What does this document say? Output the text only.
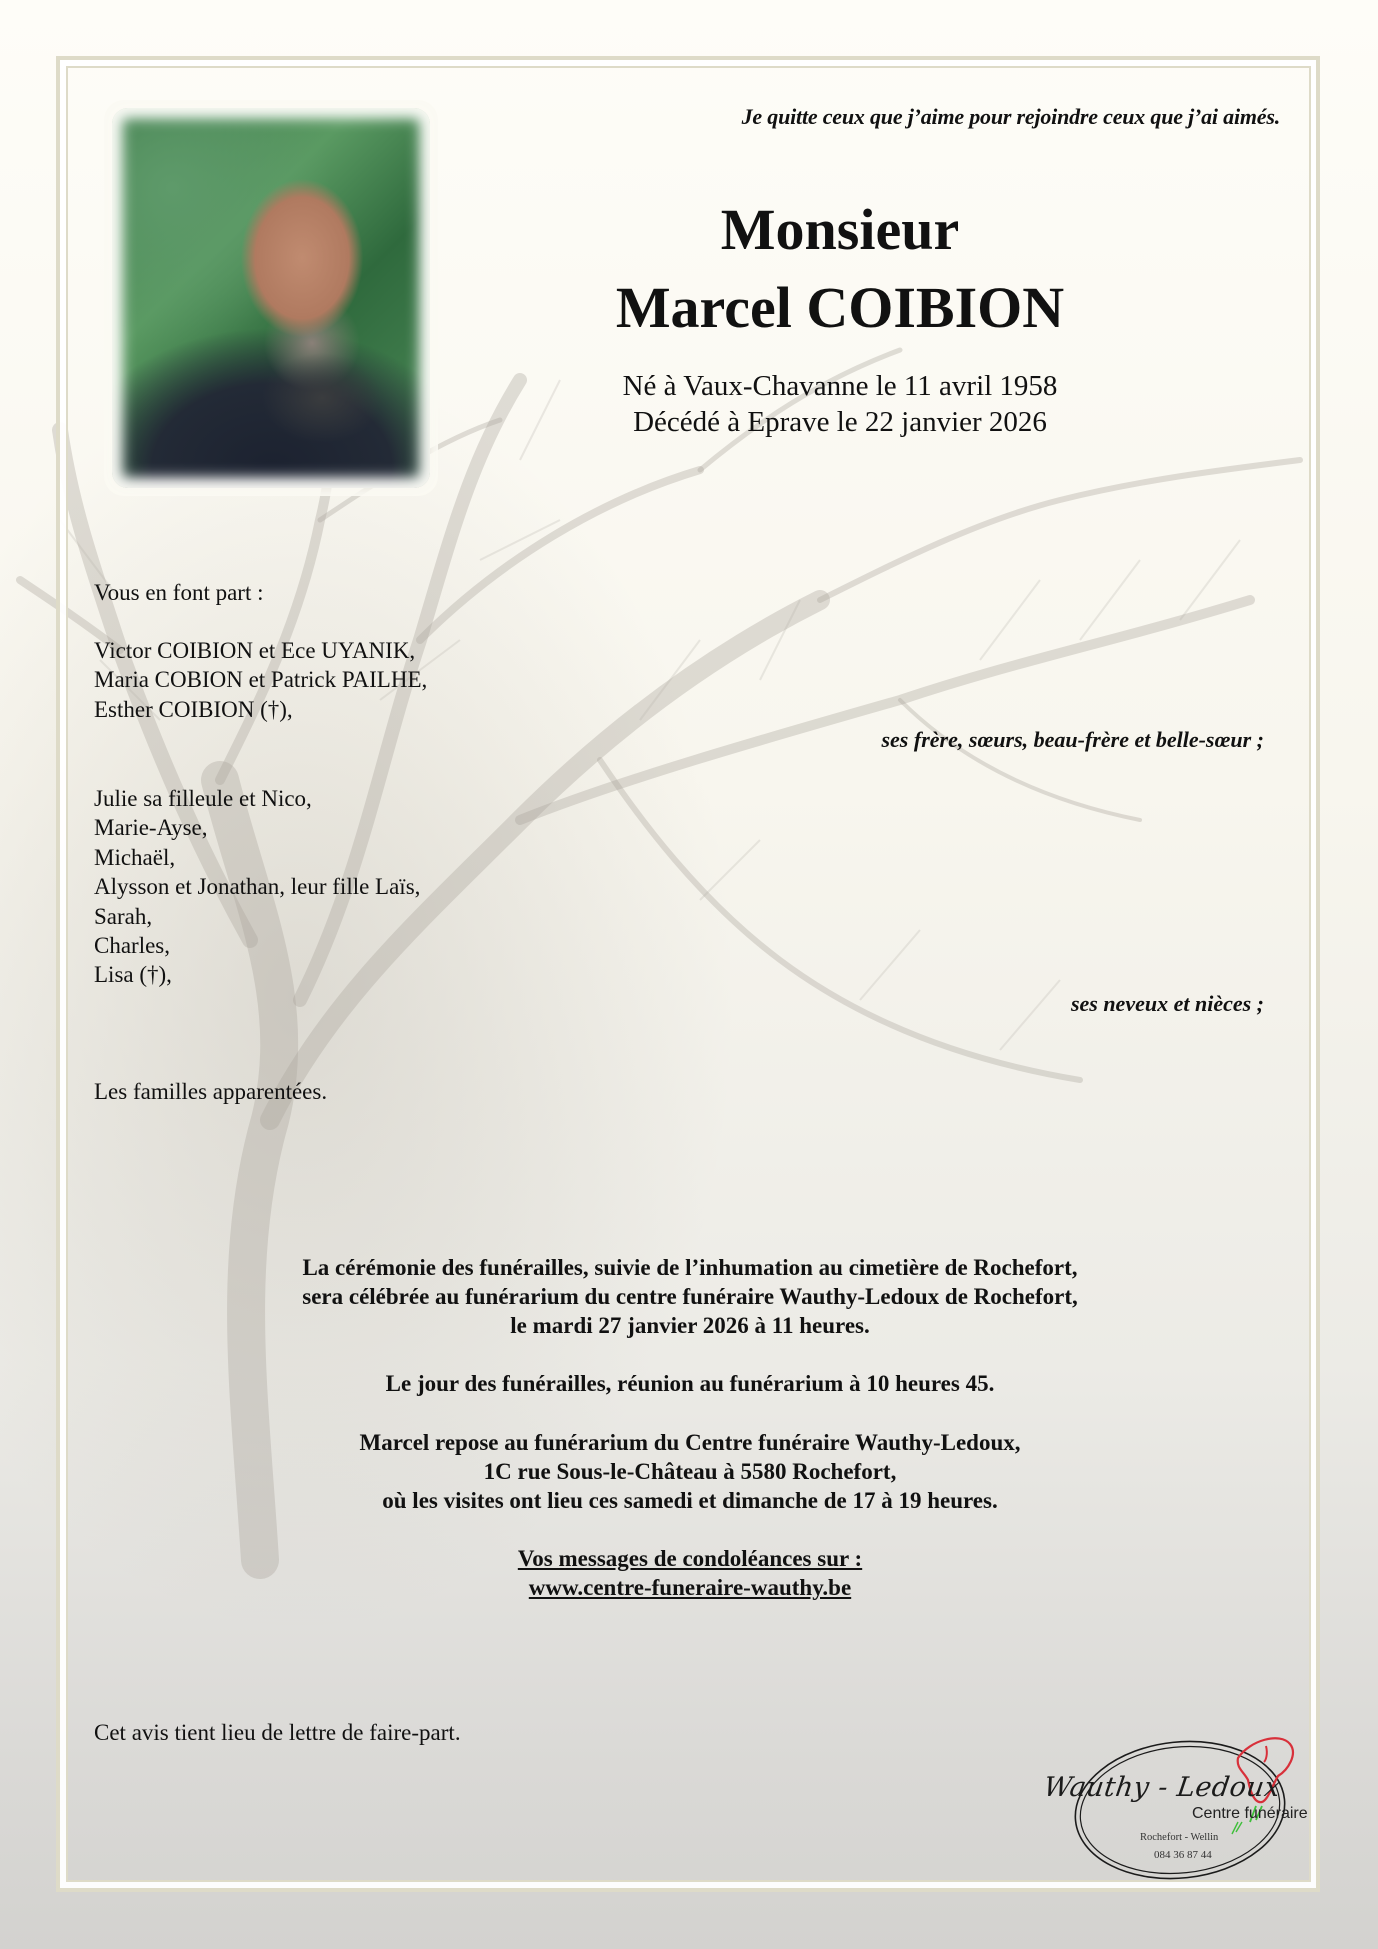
Je quitte ceux que j’aime pour rejoindre ceux que j’ai aimés.
Monsieur
Marcel COIBION
Né à Vaux-Chavanne le 11 avril 1958
Décédé à Eprave le 22 janvier 2026
Vous en font part :
Victor COIBION et Ece UYANIK,
Maria COBION et Patrick PAILHE,
Esther COIBION (†),
ses frère, sœurs, beau-frère et belle-sœur ;
Julie sa filleule et Nico,
Marie-Ayse,
Michaël,
Alysson et Jonathan, leur fille Laïs,
Sarah,
Charles,
Lisa (†),
ses neveux et nièces ;
Les familles apparentées.
La cérémonie des funérailles, suivie de l’inhumation au cimetière de Rochefort,
sera célébrée au funérarium du centre funéraire Wauthy-Ledoux de Rochefort,
le mardi 27 janvier 2026 à 11 heures.
Le jour des funérailles, réunion au funérarium à 10 heures 45.
Marcel repose au funérarium du Centre funéraire Wauthy-Ledoux,
1C rue Sous-le-Château à 5580 Rochefort,
où les visites ont lieu ces samedi et dimanche de 17 à 19 heures.
Vos messages de condoléances sur :
www.centre-funeraire-wauthy.be
Cet avis tient lieu de lettre de faire-part.
Wauthy - Ledoux
Centre funéraire
Rochefort - Wellin
084 36 87 44
